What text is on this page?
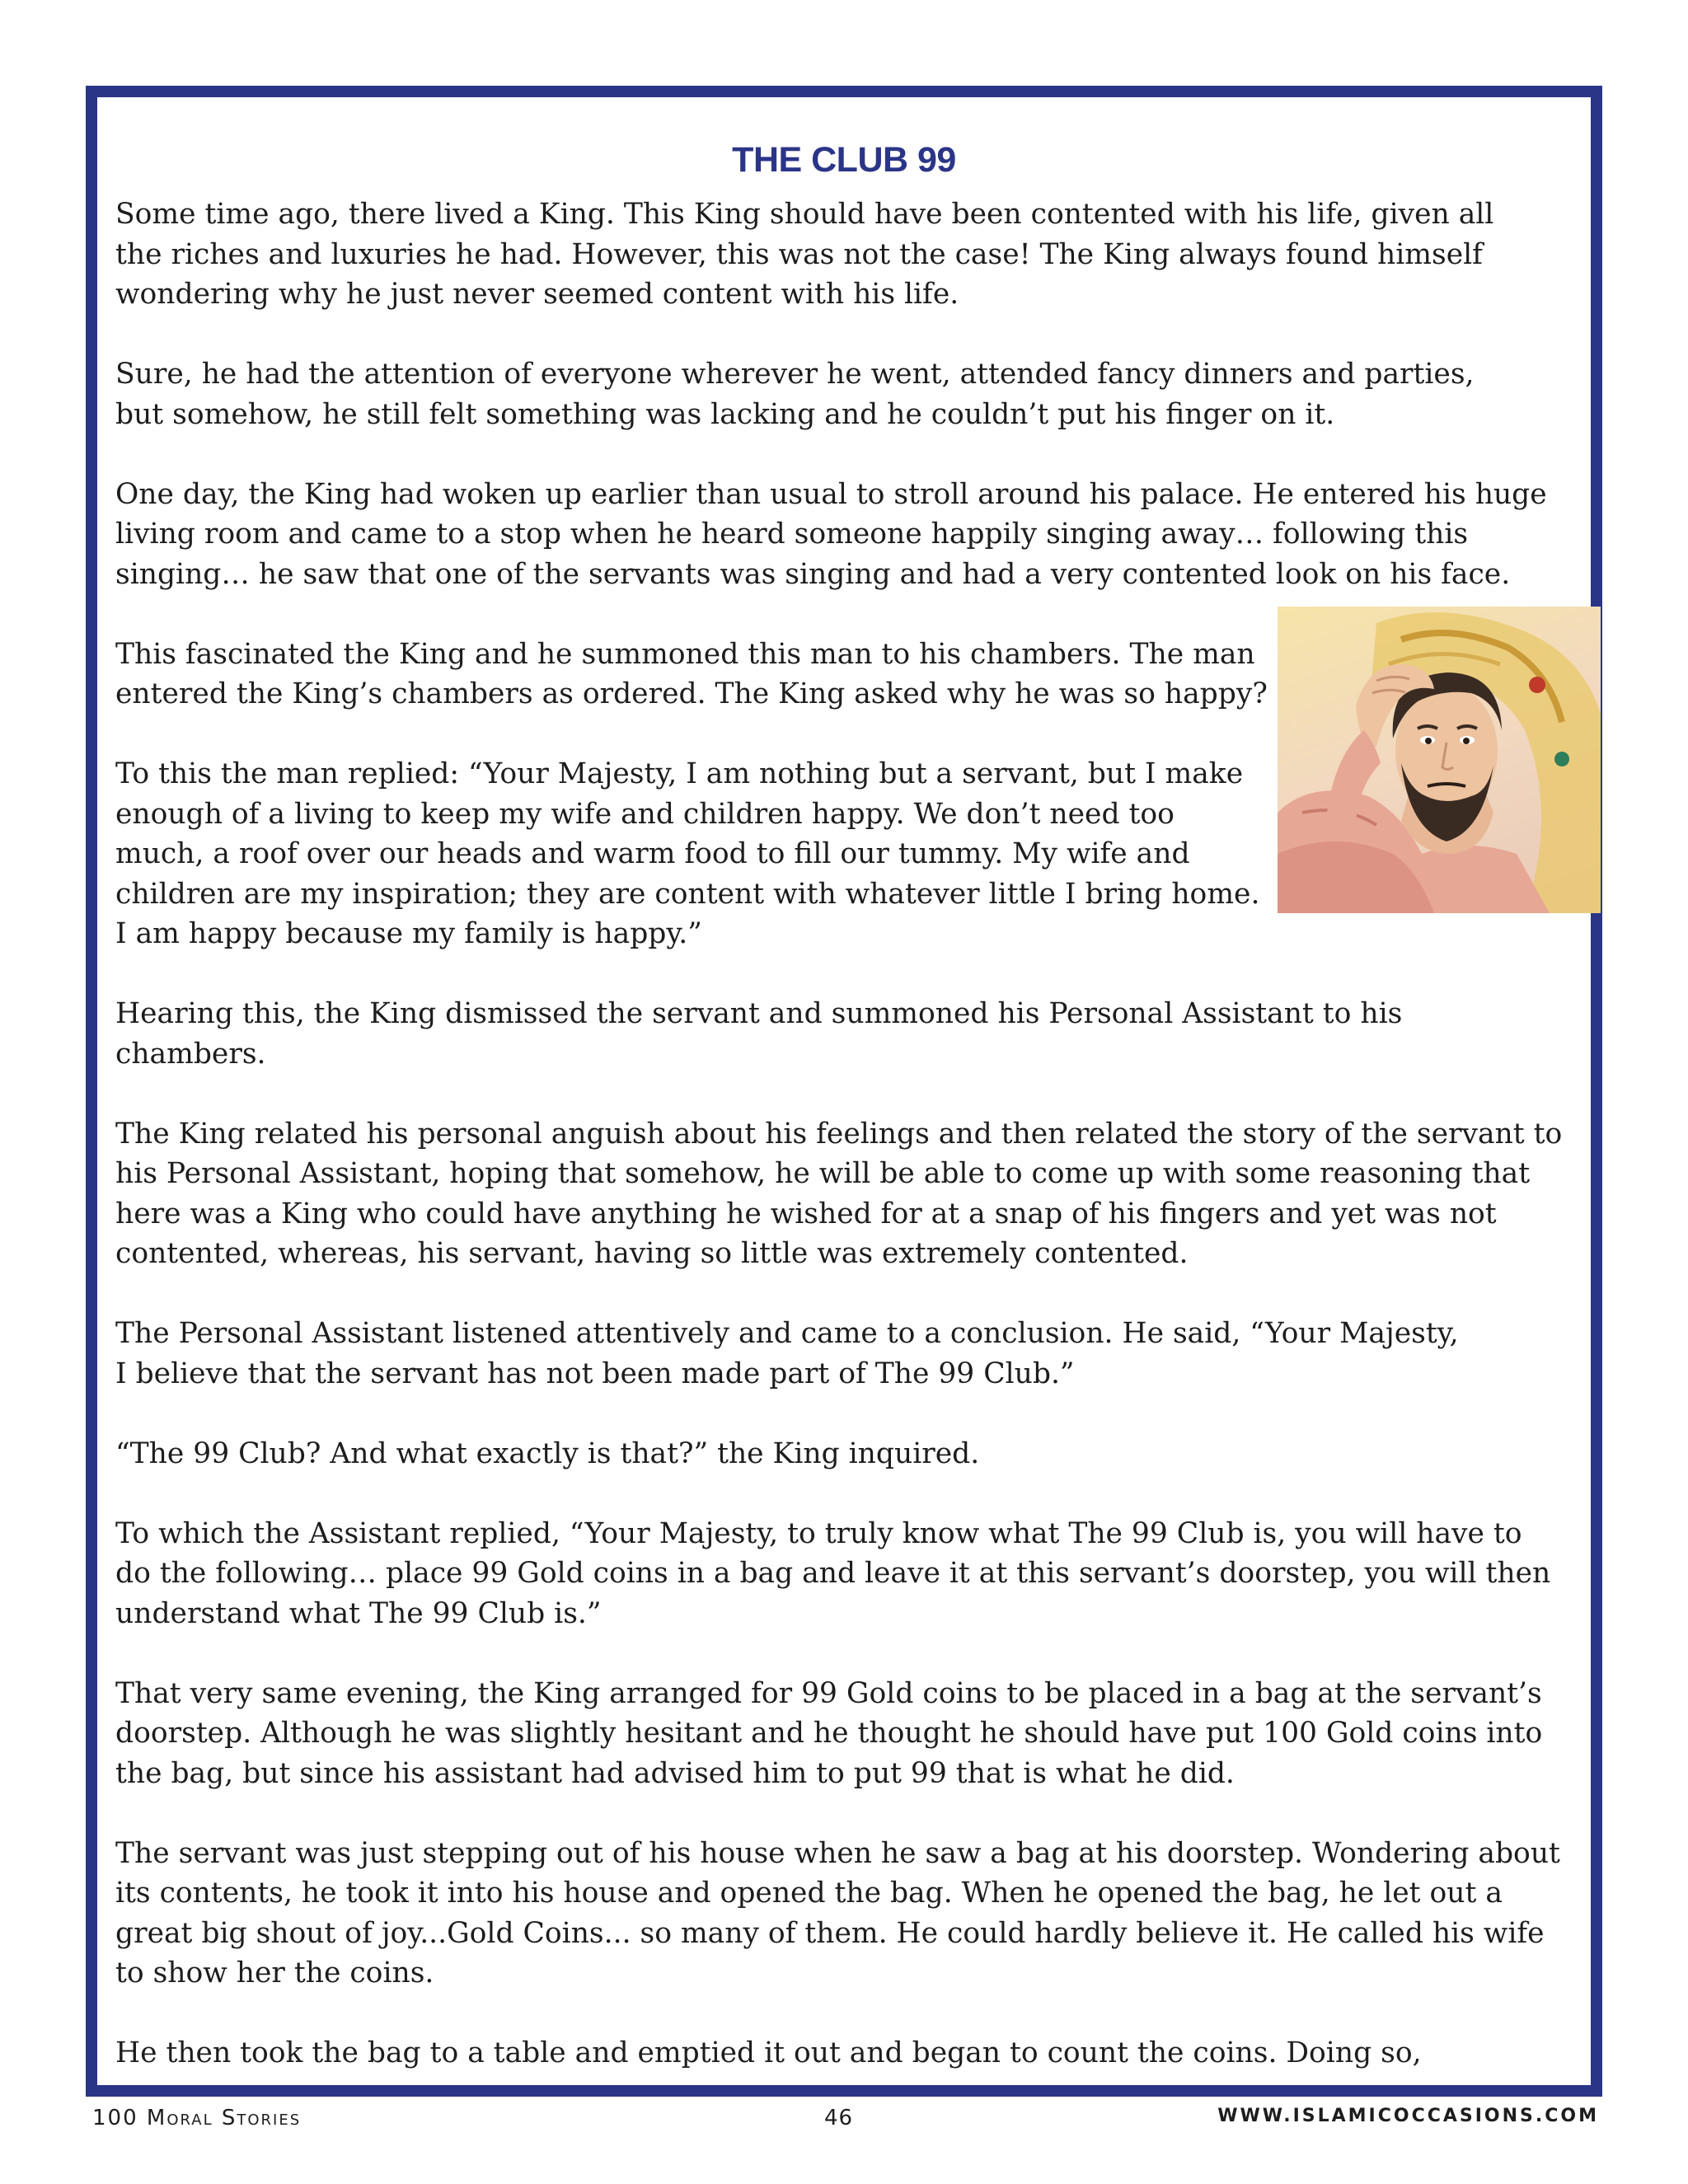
THE CLUB 99

Some time ago, there lived a King. This King should have been contented with his life, given all
the riches and luxuries he had. However, this was not the case! The King always found himself
wondering why he just never seemed content with his life.

Sure, he had the attention of everyone wherever he went, attended fancy dinners and parties,
but somehow, he still felt something was lacking and he couldn’t put his finger on it.

One day, the King had woken up earlier than usual to stroll around his palace. He entered his huge
living room and came to a stop when he heard someone happily singing away… following this
singing… he saw that one of the servants was singing and had a very contented look on his face.

This fascinated the King and he summoned this man to his chambers. The man
entered the King’s chambers as ordered. The King asked why he was so happy?

To this the man replied: “Your Majesty, I am nothing but a servant, but I make
enough of a living to keep my wife and children happy. We don’t need too
much, a roof over our heads and warm food to fill our tummy. My wife and
children are my inspiration; they are content with whatever little I bring home.
I am happy because my family is happy.”

Hearing this, the King dismissed the servant and summoned his Personal Assistant to his
chambers.

The King related his personal anguish about his feelings and then related the story of the servant to
his Personal Assistant, hoping that somehow, he will be able to come up with some reasoning that
here was a King who could have anything he wished for at a snap of his fingers and yet was not
contented, whereas, his servant, having so little was extremely contented.

The Personal Assistant listened attentively and came to a conclusion. He said, “Your Majesty,
I believe that the servant has not been made part of The 99 Club.”

“The 99 Club? And what exactly is that?” the King inquired.

To which the Assistant replied, “Your Majesty, to truly know what The 99 Club is, you will have to
do the following… place 99 Gold coins in a bag and leave it at this servant’s doorstep, you will then
understand what The 99 Club is.”

That very same evening, the King arranged for 99 Gold coins to be placed in a bag at the servant’s
doorstep. Although he was slightly hesitant and he thought he should have put 100 Gold coins into
the bag, but since his assistant had advised him to put 99 that is what he did.

The servant was just stepping out of his house when he saw a bag at his doorstep. Wondering about
its contents, he took it into his house and opened the bag. When he opened the bag, he let out a
great big shout of joy...Gold Coins... so many of them. He could hardly believe it. He called his wife
to show her the coins.

He then took the bag to a table and emptied it out and began to count the coins. Doing so,

100 Moral Stories	46	WWW.ISLAMICOCCASIONS.COM
